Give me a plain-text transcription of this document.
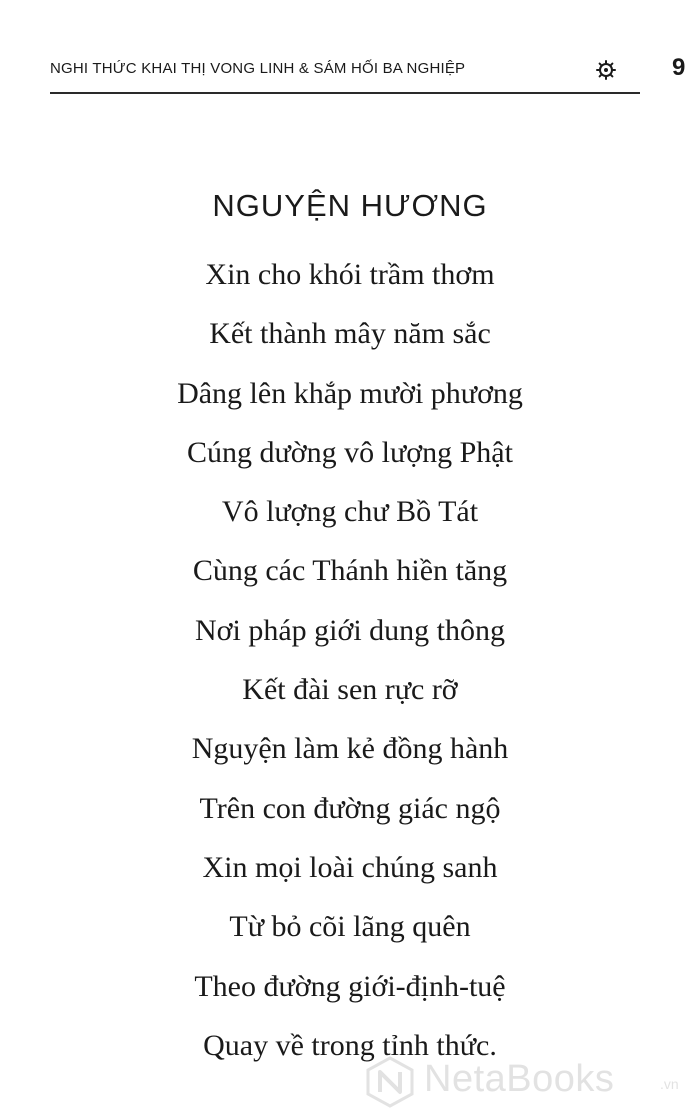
NGHI THỨC KHAI THỊ VONG LINH & SÁM HỐI BA NGHIỆP	9
NGUYỆN HƯƠNG
Xin cho khói trầm thơm
Kết thành mây năm sắc
Dâng lên khắp mười phương
Cúng dường vô lượng Phật
Vô lượng chư Bồ Tát
Cùng các Thánh hiền tăng
Nơi pháp giới dung thông
Kết đài sen rực rỡ
Nguyện làm kẻ đồng hành
Trên con đường giác ngộ
Xin mọi loài chúng sanh
Từ bỏ cõi lãng quên
Theo đường giới-định-tuệ
Quay về trong tỉnh thức.
NetaBooks	.vn
